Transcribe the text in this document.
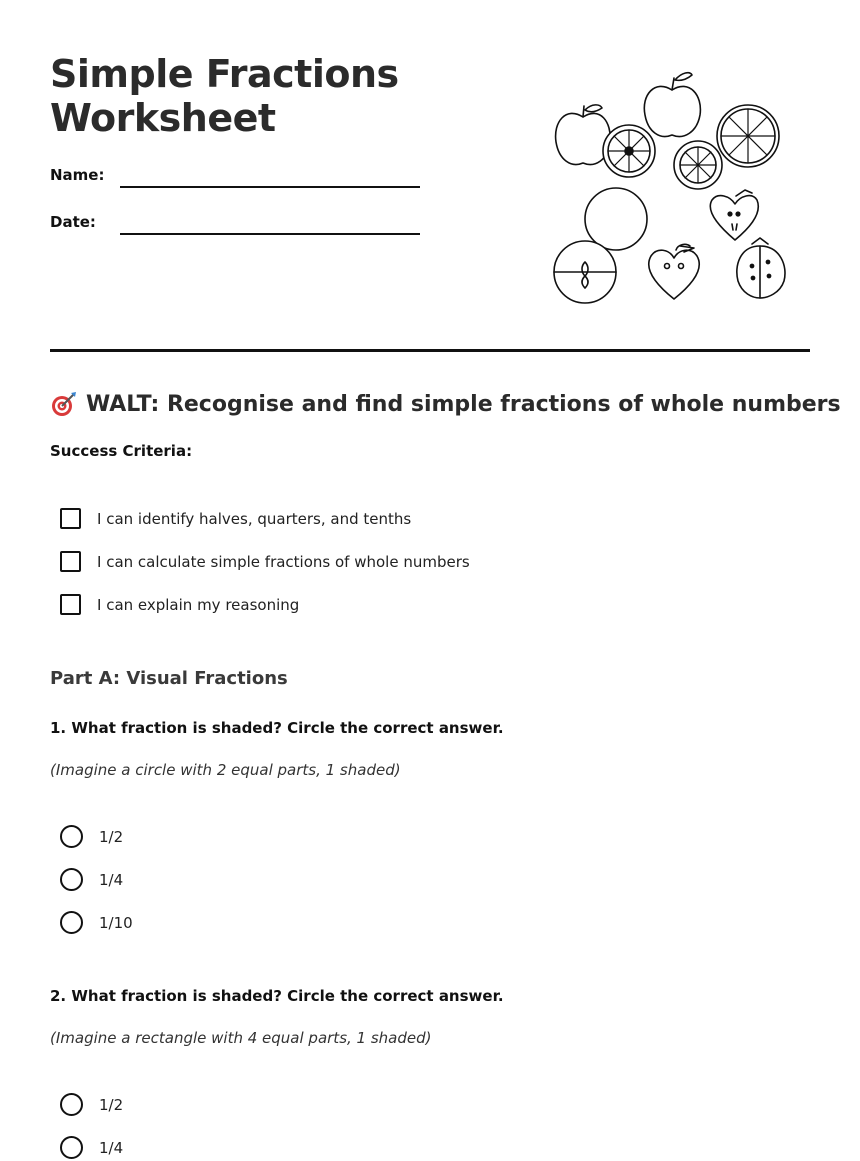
Simple Fractions
Worksheet
Name:
Date:
WALT: Recognise and find simple fractions of whole numbers
Success Criteria:
I can identify halves, quarters, and tenths
I can calculate simple fractions of whole numbers
I can explain my reasoning
Part A: Visual Fractions

1. What fraction is shaded? Circle the correct answer.

(Imagine a circle with 2 equal parts, 1 shaded)

1/2
1/4
1/10

2. What fraction is shaded? Circle the correct answer.

(Imagine a rectangle with 4 equal parts, 1 shaded)

1/2
1/4
